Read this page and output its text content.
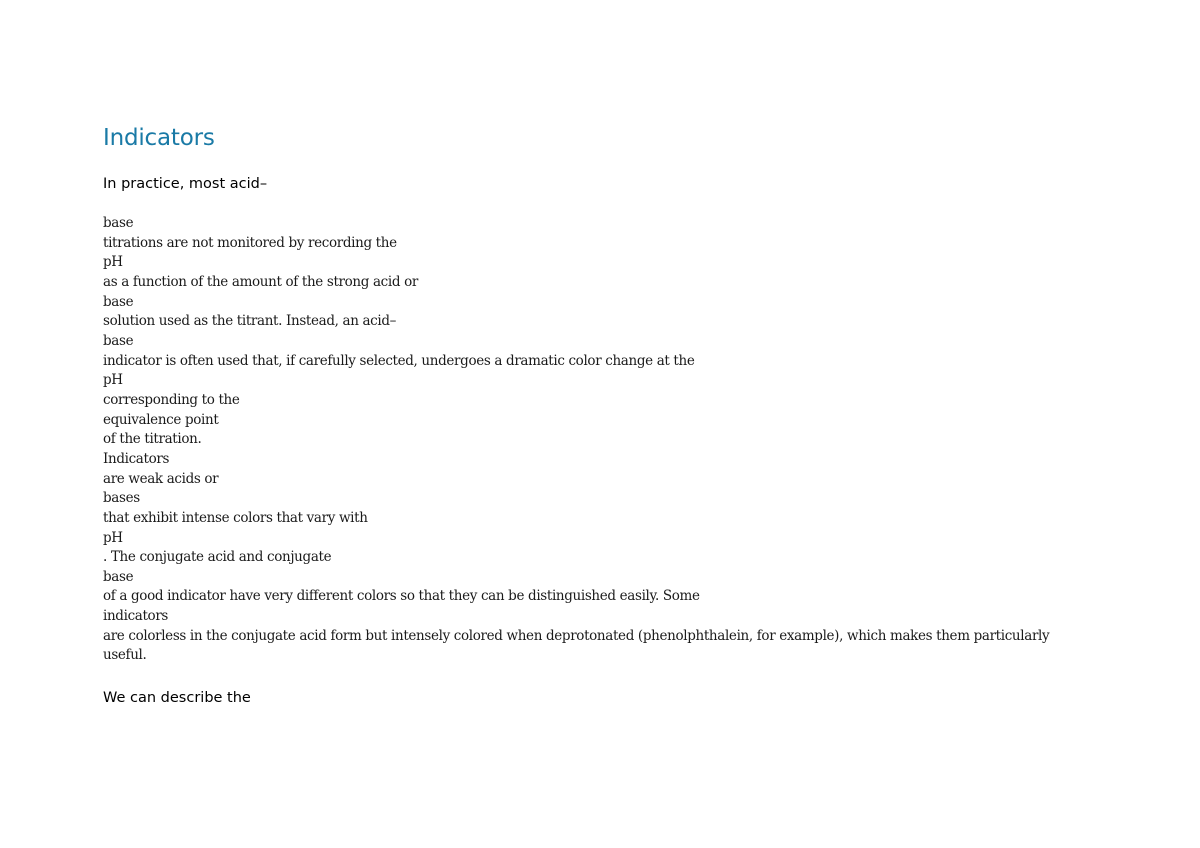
Indicators

In practice, most acid–

base
titrations are not monitored by recording the
pH
as a function of the amount of the strong acid or
base
solution used as the titrant. Instead, an acid–
base
indicator is often used that, if carefully selected, undergoes a dramatic color change at the
pH
corresponding to the
equivalence point
of the titration.
Indicators
are weak acids or
bases
that exhibit intense colors that vary with
pH
. The conjugate acid and conjugate
base
of a good indicator have very different colors so that they can be distinguished easily. Some
indicators
are colorless in the conjugate acid form but intensely colored when deprotonated (phenolphthalein, for example), which makes them particularly
useful.

We can describe the
